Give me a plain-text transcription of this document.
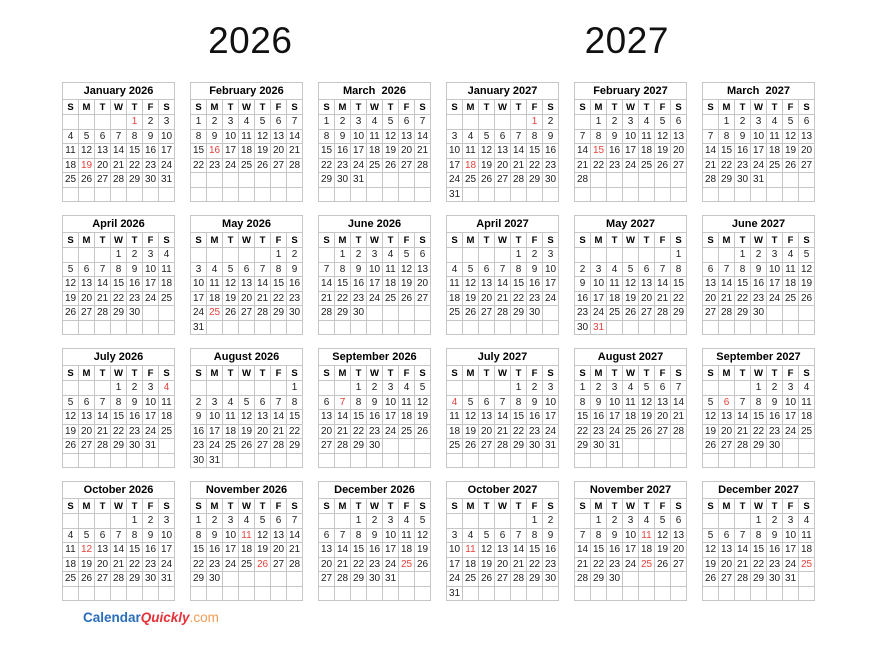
2026	2027
January 2026						
S	M	T	W	T	F	S
				1	2	3
4	5	6	7	8	9	10
11	12	13	14	15	16	17
18	19	20	21	22	23	24
25	26	27	28	29	30	31

February 2026						
S	M	T	W	T	F	S
1	2	3	4	5	6	7
8	9	10	11	12	13	14
15	16	17	18	19	20	21
22	23	24	25	26	27	28

March  2026						
S	M	T	W	T	F	S
1	2	3	4	5	6	7
8	9	10	11	12	13	14
15	16	17	18	19	20	21
22	23	24	25	26	27	28
29	30	31				

January 2027						
S	M	T	W	T	F	S
					1	2
3	4	5	6	7	8	9
10	11	12	13	14	15	16
17	18	19	20	21	22	23
24	25	26	27	28	29	30
31						
February 2027						
S	M	T	W	T	F	S
	1	2	3	4	5	6
7	8	9	10	11	12	13
14	15	16	17	18	19	20
21	22	23	24	25	26	27
28						

March  2027						
S	M	T	W	T	F	S
	1	2	3	4	5	6
7	8	9	10	11	12	13
14	15	16	17	18	19	20
21	22	23	24	25	26	27
28	29	30	31			

April 2026						
S	M	T	W	T	F	S
			1	2	3	4
5	6	7	8	9	10	11
12	13	14	15	16	17	18
19	20	21	22	23	24	25
26	27	28	29	30		

May 2026						
S	M	T	W	T	F	S
					1	2
3	4	5	6	7	8	9
10	11	12	13	14	15	16
17	18	19	20	21	22	23
24	25	26	27	28	29	30
31						
June 2026						
S	M	T	W	T	F	S
	1	2	3	4	5	6
7	8	9	10	11	12	13
14	15	16	17	18	19	20
21	22	23	24	25	26	27
28	29	30				

April 2027						
S	M	T	W	T	F	S
				1	2	3
4	5	6	7	8	9	10
11	12	13	14	15	16	17
18	19	20	21	22	23	24
25	26	27	28	29	30	

May 2027						
S	M	T	W	T	F	S
						1
2	3	4	5	6	7	8
9	10	11	12	13	14	15
16	17	18	19	20	21	22
23	24	25	26	27	28	29
30	31					
June 2027						
S	M	T	W	T	F	S
		1	2	3	4	5
6	7	8	9	10	11	12
13	14	15	16	17	18	19
20	21	22	23	24	25	26
27	28	29	30			

July 2026						
S	M	T	W	T	F	S
			1	2	3	4
5	6	7	8	9	10	11
12	13	14	15	16	17	18
19	20	21	22	23	24	25
26	27	28	29	30	31	

August 2026						
S	M	T	W	T	F	S
						1
2	3	4	5	6	7	8
9	10	11	12	13	14	15
16	17	18	19	20	21	22
23	24	25	26	27	28	29
30	31					
September 2026						
S	M	T	W	T	F	S
		1	2	3	4	5
6	7	8	9	10	11	12
13	14	15	16	17	18	19
20	21	22	23	24	25	26
27	28	29	30			

July 2027						
S	M	T	W	T	F	S
				1	2	3
4	5	6	7	8	9	10
11	12	13	14	15	16	17
18	19	20	21	22	23	24
25	26	27	28	29	30	31

August 2027						
S	M	T	W	T	F	S
1	2	3	4	5	6	7
8	9	10	11	12	13	14
15	16	17	18	19	20	21
22	23	24	25	26	27	28
29	30	31				

September 2027						
S	M	T	W	T	F	S
			1	2	3	4
5	6	7	8	9	10	11
12	13	14	15	16	17	18
19	20	21	22	23	24	25
26	27	28	29	30		

October 2026						
S	M	T	W	T	F	S
				1	2	3
4	5	6	7	8	9	10
11	12	13	14	15	16	17
18	19	20	21	22	23	24
25	26	27	28	29	30	31

November 2026						
S	M	T	W	T	F	S
1	2	3	4	5	6	7
8	9	10	11	12	13	14
15	16	17	18	19	20	21
22	23	24	25	26	27	28
29	30					

December 2026						
S	M	T	W	T	F	S
		1	2	3	4	5
6	7	8	9	10	11	12
13	14	15	16	17	18	19
20	21	22	23	24	25	26
27	28	29	30	31		

October 2027						
S	M	T	W	T	F	S
					1	2
3	4	5	6	7	8	9
10	11	12	13	14	15	16
17	18	19	20	21	22	23
24	25	26	27	28	29	30
31						
November 2027						
S	M	T	W	T	F	S
	1	2	3	4	5	6
7	8	9	10	11	12	13
14	15	16	17	18	19	20
21	22	23	24	25	26	27
28	29	30				

December 2027						
S	M	T	W	T	F	S
			1	2	3	4
5	6	7	8	9	10	11
12	13	14	15	16	17	18
19	20	21	22	23	24	25
26	27	28	29	30	31	

CalendarQuickly.com
